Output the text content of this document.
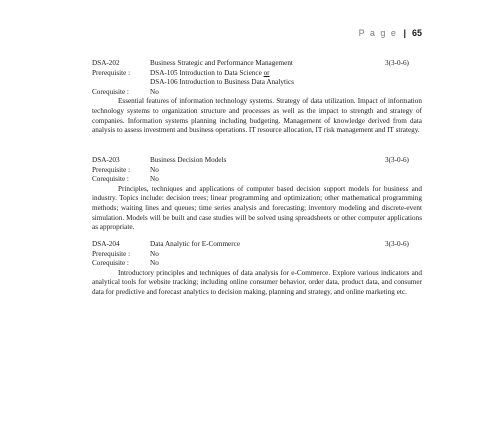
P a g e | 65
DSA-202	Business Strategic and Performance Management	3(3-0-6)
Prerequisite :	DSA-105 Introduction to Data Science or
DSA-106 Introduction to Business Data Analytics
Corequisite :	No

Essential features of information technology systems. Strategy of data utilization. Impact of information technology systems to organization structure and processes as well as the impact to strength and strategy of companies. Information systems planning including budgeting. Management of knowledge derived from data analysis to assess investment and business operations. IT resource allocation, IT risk management and IT strategy.

DSA-203	Business Decision Models	3(3-0-6)
Prerequisite :	No
Corequisite :	No

Principles, techniques and applications of computer based decision support models for business and industry. Topics include: decision trees; linear programming and optimization; other mathematical programming methods; waiting lines and queues; time series analysis and forecasting; inventory modeling and discrete-event simulation. Models will be built and case studies will be solved using spreadsheets or other computer applications as appropriate.

DSA-204	Data Analytic for E-Commerce	3(3-0-6)
Prerequisite :	No
Corequisite :	No

Introductory principles and techniques of data analysis for e-Commerce. Explore various indicators and analytical tools for website tracking; including online consumer behavior, order data, product data, and consumer data for predictive and forecast analytics to decision making, planning and strategy, and online marketing etc.
